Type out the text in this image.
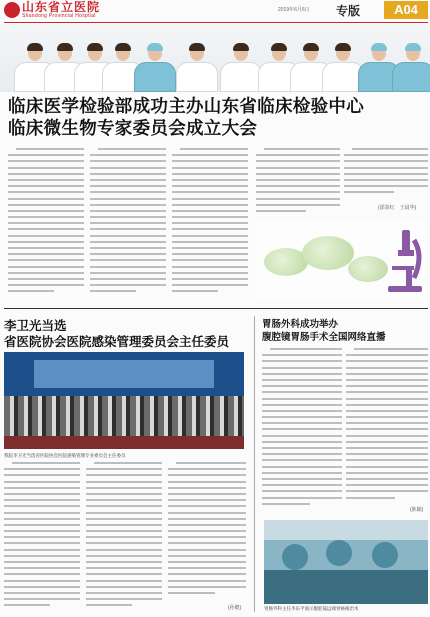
山东省立医院
Shandong Provincial Hospital
2019年6月6日 专版	A04
临床医学检验部成功主办山东省临床检验中心
临床微生物专家委员会成立大会
(邵泰红　王晨华)
李卫光当选
省医院协会医院感染管理委员会主任委员
我院李卫光当选省医院协会医院感染管理专业委员会主任委员
(孙健)
胃肠外科成功举办
腹腔镜胃肠手术全国网络直播
(陈颖)
胃肠外科主任李乐平演示腹腔镜远端胃癌根治术
